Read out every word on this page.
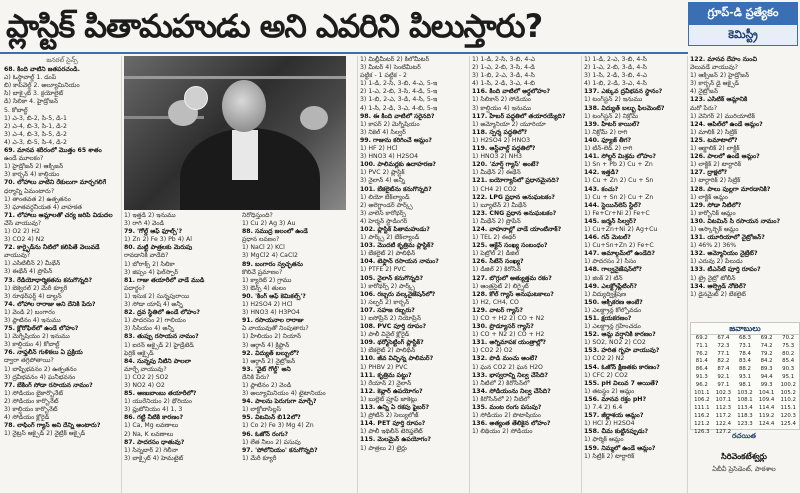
ప్లాస్టిక్ పితామహుడు అని ఎవరిని పిలుస్తారు?	గ్రూప్-డి ప్రత్యేకం
కెమిస్ట్రీ
జనరల్ సైన్స్
68. కింది వాటిని జతపరచండి.
ఎ) ఓస్టావాల్డ్ 1. డంప్
బి) కాప్‌వెల్డ్ 2. అల్యూమినియం
సి) బాక్సైట్ 3. క్రయోలైట్
డి) సిలికా 4. హైడ్రోజన్
5. కోబాల్ట్
1) ఎ-3, బి-2, సి-5, డి-1
2) ఎ-4, బి-3, సి-1, డి-2
3) ఎ-4, బి-3, సి-5, డి-2
4) ఎ-3, బి-5, సి-4, డి-2
69. మానవ శరీరంలో మొత్తం 65 శాతం
ఉండే మూలకం?
1) హైడ్రోజన్ 2) ఆక్సిజన్
3) కార్బన్ 4) కాల్షియం
70. లోహాలు వాటిని రేకులుగా మార్చగలిగే
ధర్మాన్ని ఏమంటారు?
1) తాంతవత 2) ఉత్పతనం
3) ఘాతవర్ధనీయత 4) వాహకత
71. లోహాలు ఆమ్లాలతో చర్య జరిపి విడుదల
చేసే వాయువు?
1) O2 2) H2
3) CO2 4) N2
72. కార్బైడ్‌ను నీటిలో కలిపితే వెలువడే
వాయువు?
1) ఎసిటిలీన్ 2) మీథేన్
3) ఈథేన్ 4) ప్రొపేన్
73. రేడియోధార్మికతను కనుగొన్నది?
1) బెక్వెరల్ 2) మేరీ క్యూరీ
3) రూథర్‌ఫర్డ్ 4) డాల్టన్
74. లోహాల రారాజు అని దేనికి పేరు?
1) వెండి 2) బంగారం
3) ప్లాటినం 4) ఇనుము
75. క్లోరోఫిల్‌లో ఉండే లోహం?
1) మెగ్నీషియం 2) ఇనుము
3) కాల్షియం 4) కోబాల్ట్
76. నాఫ్తలీన్ గుళికలు ఏ ప్రక్రియ
ద్వారా తగ్గిపోతాయి?
1) బాష్పీభవనం 2) ఉత్పతనం
3) ద్రవీభవనం 4) ఘనీభవనం
77. బేకింగ్ సోడా రసాయన నామం?
1) సోడియం బైకార్బొనేట్
2) సోడియం కార్బొనేట్
3) కాల్షియం కార్బొనేట్
4) సోడియం క్లోరైడ్
78. లాఫింగ్ గ్యాస్ అని దేన్ని అంటారు?
1) నైట్రస్ ఆక్సైడ్ 2) నైట్రిక్ ఆక్సైడ్
1) ఇత్తడి 2) ఇనుము
3) రాగి 4) వెండి
79. 'గోల్డ్ ఆఫ్ ఫూల్స్'?
1) Zn 2) Fe 3) Pb 4) Al
80. మట్టి పాత్రలకు మెరుపు
రావడానికి వాడేది?
1) బోరాక్స్ 2) సిలికా
3) జిప్సం 4) ఫెల్‌స్పార్
81. గాజు తయారీలో వాడే ముడి
పదార్థం?
1) ఇసుక 2) సున్నపురాయి
3) సోడా యాష్ 4) అన్నీ
82. ద్రవ స్థితిలో ఉండే లోహం?
1) పాదరసం 2) గాలియం
3) సీసియం 4) అన్నీ
83. తుప్పు రసాయన నామం?
1) ఐరన్ ఆక్సైడ్ 2) హైడ్రేటెడ్
ఫెర్రిక్ ఆక్సైడ్
84. సున్నపు నీటిని పాలలా
మార్చే వాయువు?
1) CO2 2) SO2
3) NO2 4) O2
85. అణుబాంబు తయారీలో?
1) యురేనియం 2) థోరియం
3) ప్లుటోనియం 4) 1, 3
86. గట్టి నీటికి కారణం?
1) Ca, Mg లవణాలు
2) Na, K లవణాలు
87. పాదరసం ధాతువు?
1) సిన్నబార్ 2) గెలీనా
3) బాక్సైట్ 4) హెమటైట్
నిరోధిస్తుంది?
1) Cu 2) Ag 3) Au
88. సముద్ర జలంలో ఉండే
ప్రధాన లవణం?
1) NaCl 2) KCl
3) MgCl2 4) CaCl2
89. బంగారం స్వచ్ఛతను
కొలిచే ప్రమాణం?
1) క్యారెట్ 2) గ్రాము
3) ఔన్స్ 4) తులం
90. 'కింగ్ ఆఫ్ కెమికల్స్'?
1) H2SO4 2) HCl
3) HNO3 4) H3PO4
91. రసాయనాల రారాజు
ఏ వాయువుతో నింపుతారు?
1) హీలియం 2) నియాన్
3) ఆర్గాన్ 4) క్రిప్టాన్
92. విద్యుత్ బల్బులో?
1) ఆర్గాన్ 2) నైట్రోజన్
93. 'వైట్ గోల్డ్' అని
దేనికి పేరు?
1) ప్లాటినం 2) వెండి
3) అల్యూమినియం 4) టైటానియం
94. పాలను పెరుగుగా మార్చే?
1) లాక్టోబాసిల్లస్
95. విటమిన్ బి12లో?
1) Co 2) Fe 3) Mg 4) Zn
96. ఓజోన్ రంగు?
1) లేత నీలం 2) పసుపు
97. 'పోలోనియం' కనుగొన్నది?
1) మేరీ క్యూరీ
1) మిల్లీమీటర్ 2) కిలోమీటర్
3) మీటర్ 4) సెంటీమీటర్
పట్టిక - 1 పట్టిక - 2
1) 1-డి, 2-సి, 3-బి, 4-ఎ, 5-ఇ
2) 1-ఎ, 2-బి, 3-సి, 4-డి, 5-ఇ
3) 1-బి, 2-ఎ, 3-డి, 4-సి, 5-ఇ
4) 1-సి, 2-డి, 3-ఎ, 4-బి, 5-ఇ
98. ఈ కింది వాటిలో సరైనది?
1) కాపర్ 2) మెగ్నీషియం
3) నికెల్ 4) సిల్వర్
99. గాజును కరిగించే ఆమ్లం?
1) HF 2) HCl
3) HNO3 4) H2SO4
100. పాలిమర్లకు ఉదాహరణ?
1) PVC 2) ప్లాస్టిక్
3) నైలాన్ 4) అన్నీ
101. బేకలైట్‌ను కనుగొన్నది?
1) లియో బేక్‌ల్యాండ్
2) అలెగ్జాండర్ పార్క్స్
3) వాలెస్ కారోథర్స్
4) హెర్మన్ స్టాడింగర్
102. ప్లాస్టిక్ పితామహుడు?
1) పార్క్స్ 2) బేక్‌ల్యాండ్
103. మొదటి కృత్రిమ ప్లాస్టిక్?
1) బేకలైట్ 2) పాలిథీన్
104. టెఫ్లాన్ రసాయన నామం?
1) PTFE 2) PVC
105. నైలాన్ కనుగొన్నది?
1) కారోథర్స్ 2) పార్క్స్
106. రబ్బరు వల్కనైజేషన్‌లో?
1) సల్ఫర్ 2) కార్బన్
107. సహజ రబ్బరు?
1) ఐసోప్రీన్ 2) నియోప్రీన్
108. PVC పూర్తి రూపం?
1) పాలీ వినైల్ క్లోరైడ్
109. థర్మోసెట్టింగ్ ప్లాస్టిక్?
1) బేకలైట్ 2) పాలిథీన్
110. జీవ విచ్ఛిన్న పాలిమర్?
1) PHBV 2) PVC
111. కృత్రిమ పట్టు?
1) రేయాన్ 2) నైలాన్
112. కెవ్లార్ ఉపయోగం?
1) బుల్లెట్ ప్రూఫ్ జాకెట్లు
113. ఉన్ని ఏ రకపు ఫైబర్?
1) ప్రోటీన్ 2) సెల్యులోజ్
114. PET పూర్తి రూపం?
1) పాలీ ఇథిలీన్ టెరిఫ్తలేట్
115. మెలమైన్ ఉపయోగం?
1) పాత్రలు 2) టైర్లు
1) 1-డి, 2-సి, 3-బి, 4-ఎ
2) 1-ఎ, 2-బి, 3-సి, 4-డి
3) 1-బి, 2-ఎ, 3-డి, 4-సి
4) 1-సి, 2-డి, 3-ఎ, 4-బి
116. కింది వాటిలో అర్ధలోహం?
1) సిలికాన్ 2) సోడియం
3) కాల్షియం 4) ఇనుము
117. హేబర్ పద్ధతిలో తయారయ్యేది?
1) అమ్మోనియా 2) యూరియా
118. స్పర్శ పద్ధతిలో?
1) H2SO4 2) HNO3
119. ఆస్ట్‌వాల్డ్ పద్ధతిలో?
1) HNO3 2) NH3
120. 'మార్ష్ గ్యాస్' అంటే?
1) మీథేన్ 2) ఈథేన్
121. బయోగ్యాస్‌లో ప్రధానమైనది?
1) CH4 2) CO2
122. LPG ప్రధాన అనుఘటకం?
1) బ్యూటేన్ 2) మీథేన్
123. CNG ప్రధాన అనుఘటకం?
1) మీథేన్ 2) ప్రొపేన్
124. వాహనాల్లో వాడే యాంటీనాక్?
1) TEL 2) ఈథర్
125. ఆక్టేన్ సంఖ్య సంబంధం?
1) పెట్రోల్ 2) డీజిల్
126. సీటేన్ సంఖ్య?
1) డీజిల్ 2) కిరోసిన్
127. బొగ్గులో అత్యుత్తమ రకం?
1) ఆంత్రసైట్ 2) లిగ్నైట్
128. కోల్ గ్యాస్ అనుఘటకాలు?
1) H2, CH4, CO
129. వాటర్ గ్యాస్?
1) CO + H2 2) CO + N2
130. ప్రొడ్యూసర్ గ్యాస్?
1) CO + N2 2) CO + H2
131. అగ్నిమాపక యంత్రాల్లో?
1) CO2 2) O2
132. పొడి మంచు అంటే?
1) ఘన CO2 2) ఘన H2O
133. భాస్వరాన్ని నిల్వ చేసేది?
1) నీటిలో 2) కిరోసిన్‌లో
134. సోడియంను నిల్వ చేసేది?
1) కిరోసిన్‌లో 2) నీటిలో
135. మంట రంగు పసుపు?
1) సోడియం 2) పొటాషియం
136. అత్యంత తేలికైన లోహం?
1) లిథియం 2) సోడియం
1) 1-డి, 2-ఎ, 3-బి, 4-సి
2) 1-ఎ, 2-బి, 3-డి, 4-సి
3) 1-సి, 2-డి, 3-బి, 4-ఎ
4) 1-బి, 2-డి, 3-ఎ, 4-సి
137. ఎక్కువ ద్రవీభవన స్థానం?
1) టంగ్‌స్టన్ 2) ఇనుము
138. విద్యుత్ బల్బు ఫిలమెంట్?
1) టంగ్‌స్టన్ 2) నిక్రోమ్
139. హీటర్ కాయిల్?
1) నిక్రోమ్ 2) రాగి
140. ఫ్యూజ్ తీగ?
1) టిన్-లెడ్ 2) రాగి
141. సోల్డర్ మిశ్రమ లోహం?
1) Sn + Pb 2) Cu + Zn
142. ఇత్తడి?
1) Cu + Zn 2) Cu + Sn
143. కంచు?
1) Cu + Sn 2) Cu + Zn
144. స్టెయిన్‌లెస్ స్టీల్?
1) Fe+Cr+Ni 2) Fe+C
145. జర్మన్ సిల్వర్?
1) Cu+Zn+Ni 2) Ag+Cu
146. గన్ మెటల్?
1) Cu+Sn+Zn 2) Fe+C
147. అమాల్గమ్‌లో ఉండేది?
1) పాదరసం 2) సీసం
148. గాల్వనైజేషన్‌లో?
1) జింక్ 2) టిన్
149. ఎలక్ట్రోప్లేటింగ్?
1) విద్యుద్విశ్లేషణ
150. ఆక్సీకరణ అంటే?
1) ఎలక్ట్రాన్ల కోల్పోవడం
151. క్షయకరణం?
1) ఎలక్ట్రాన్ల గ్రహించడం
152. ఆమ్ల వర్షానికి కారణం?
1) SO2, NO2 2) CO2
153. హరిత గృహ వాయువు?
1) CO2 2) N2
154. ఓజోన్ క్షీణతకు కారణం?
1) CFC 2) CO2
155. pH విలువ 7 అయితే?
1) తటస్థం 2) ఆమ్లం
156. మానవ రక్తం pH?
1) 7.4 2) 6.4
157. జీర్ణాశయ ఆమ్లం?
1) HCl 2) H2SO4
158. చీమ కుట్టినప్పుడు?
1) ఫార్మిక్ ఆమ్లం
159. నిమ్మలో ఉండే ఆమ్లం?
1) సిట్రిక్ 2) టార్టారిక్
122. మానవ దేహం నుంచి
వెలువడే వాయువు?
1) ఆక్సిజన్ 2) హైడ్రోజన్
3) కార్బన్ డై ఆక్సైడ్
4) నైట్రోజన్
123. ఎసిటిక్ ఆమ్లానికి
మరో పేరు?
1) వెనిగర్ 2) మురియాటిక్
124. ఆపిల్‌లో ఉండే ఆమ్లం?
1) మాలిక్ 2) సిట్రిక్
125. టమాటాలో?
1) ఆక్జాలిక్ 2) లాక్టిక్
126. పాలలో ఉండే ఆమ్లం?
1) లాక్టిక్ 2) టార్టారిక్
127. ద్రాక్షలో?
1) టార్టారిక్ 2) సిట్రిక్
128. పాలు పుల్లగా మారడానికి?
1) లాక్టిక్ ఆమ్లం
129. సోడా నీటిలో?
1) కార్బోనిక్ ఆమ్లం
130. విటమిన్ సి రసాయన నామం?
1) ఆస్కార్బిక్ ఆమ్లం
131. యూరియాలో నైట్రోజన్?
1) 46% 2) 36%
132. అమ్మోనియం నైట్రేట్?
1) ఎరువు 2) పేలుడు
133. టీఎన్‌టీ పూర్తి రూపం?
1) ట్రై నైట్రో టోలీన్
134. ఆల్ఫ్రెడ్ నోబెల్?
1) డైనమైట్ 2) బేకలైట్
జవాబులు
69.2	67.4	68.3	69.2	70.2
71.1	72.3	73.1	74.2	75.3
76.2	77.1	78.4	79.2	80.2
81.4	82.2	83.4	84.2	85.4
86.4	87.4	88.2	89.3	90.3
91.3	92.1	93.1	94.4	95.1
96.2	97.1	98.1	99.3	100.2
101.1	102.3	103.2	104.1	105.2
106.2	107.1	108.1	109.4	110.2
111.1	112.3	113.4	114.4	115.1
116.2	117.2	118.3	119.2	120.3
121.2	122.4	123.3	124.4	125.4
126.3	127.2			
రచయిత
సిరివెంకటేశ్వర్లు
ఏబీవీ ప్రెసిడెంట్, పాఠశాల
